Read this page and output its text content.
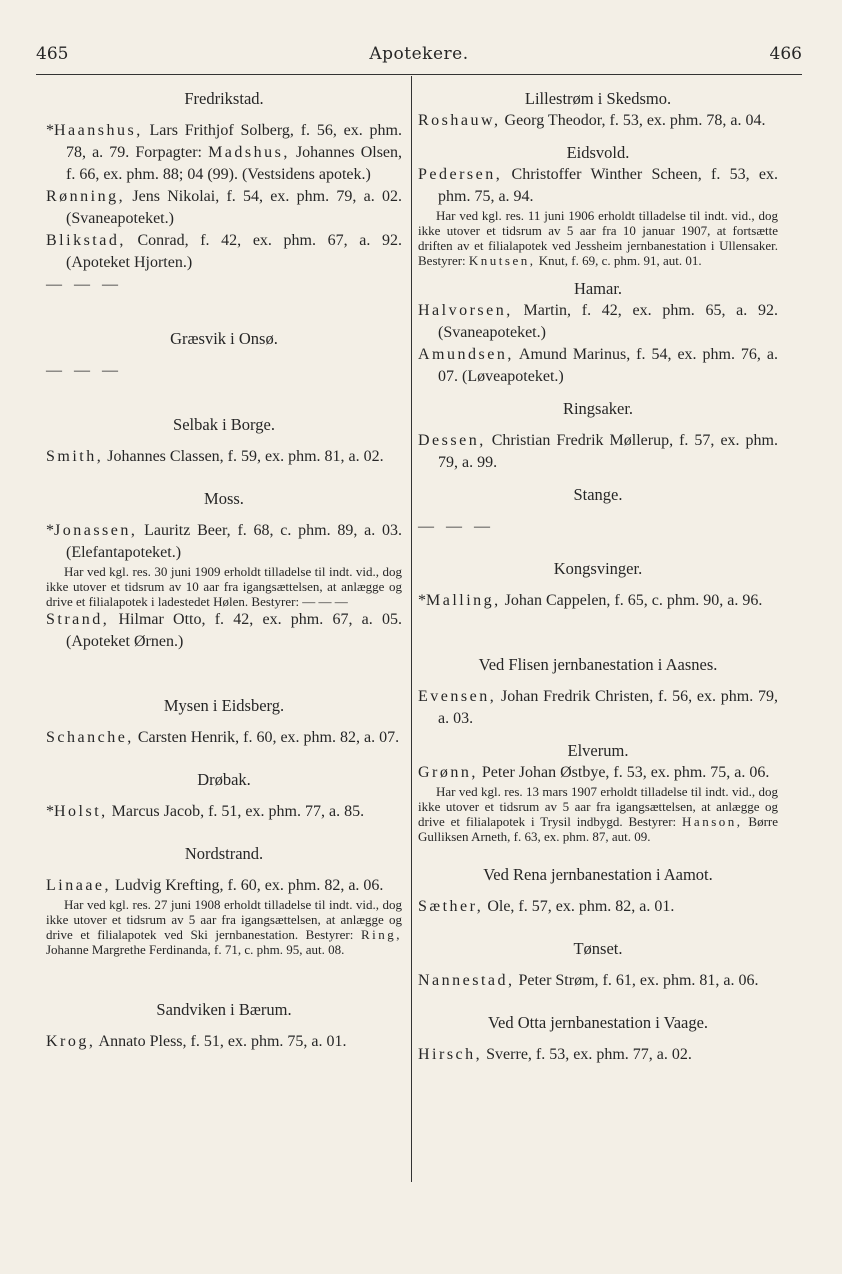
465	Apotekere.	466
Fredrikstad.
*Haanshus, Lars Frithjof Solberg, f. 56, ex. phm. 78, a. 79. Forpagter: Madshus, Johannes Olsen, f. 66, ex. phm. 88; 04 (99). (Vestsidens apotek.)
Rønning, Jens Nikolai, f. 54, ex. phm. 79, a. 02. (Svaneapoteket.)
Blikstad, Conrad, f. 42, ex. phm. 67, a. 92. (Apoteket Hjorten.)

— — —

Græsvik i Onsø.

— — —

Selbak i Borge.
Smith, Johannes Classen, f. 59, ex. phm. 81, a. 02.
Moss.
*Jonassen, Lauritz Beer, f. 68, c. phm. 89, a. 03. (Elefantapoteket.)

Har ved kgl. res. 30 juni 1909 erholdt tilladelse til indt. vid., dog ikke utover et tidsrum av 10 aar fra igangsættelsen, at anlægge og drive et filialapotek i ladestedet Hølen. Bestyrer: — — —

Strand, Hilmar Otto, f. 42, ex. phm. 67, a. 05. (Apoteket Ørnen.)
Mysen i Eidsberg.
Schanche, Carsten Henrik, f. 60, ex. phm. 82, a. 07.
Drøbak.
*Holst, Marcus Jacob, f. 51, ex. phm. 77, a. 85.
Nordstrand.
Linaae, Ludvig Krefting, f. 60, ex. phm. 82, a. 06.

Har ved kgl. res. 27 juni 1908 erholdt tilladelse til indt. vid., dog ikke utover et tidsrum av 5 aar fra igangsættelsen, at anlægge og drive et filialapotek ved Ski jernbanestation. Bestyrer: Ring, Johanne Margrethe Ferdinanda, f. 71, c. phm. 95, aut. 08.

Sandviken i Bærum.
Krog, Annato Pless, f. 51, ex. phm. 75, a. 01.
Lillestrøm i Skedsmo.
Roshauw, Georg Theodor, f. 53, ex. phm. 78, a. 04.
Eidsvold.
Pedersen, Christoffer Winther Scheen, f. 53, ex. phm. 75, a. 94.

Har ved kgl. res. 11 juni 1906 erholdt tilladelse til indt. vid., dog ikke utover et tidsrum av 5 aar fra 10 januar 1907, at fortsætte driften av et filialapotek ved Jessheim jernbanestation i Ullensaker. Bestyrer: Knutsen, Knut, f. 69, c. phm. 91, aut. 01.

Hamar.
Halvorsen, Martin, f. 42, ex. phm. 65, a. 92. (Svaneapoteket.)
Amundsen, Amund Marinus, f. 54, ex. phm. 76, a. 07. (Løveapoteket.)
Ringsaker.
Dessen, Christian Fredrik Møllerup, f. 57, ex. phm. 79, a. 99.
Stange.

— — —

Kongsvinger.
*Malling, Johan Cappelen, f. 65, c. phm. 90, a. 96.
Ved Flisen jernbanestation i Aasnes.
Evensen, Johan Fredrik Christen, f. 56, ex. phm. 79, a. 03.
Elverum.
Grønn, Peter Johan Østbye, f. 53, ex. phm. 75, a. 06.

Har ved kgl. res. 13 mars 1907 erholdt tilladelse til indt. vid., dog ikke utover et tidsrum av 5 aar fra igangsættelsen, at anlægge og drive et filialapotek i Trysil indbygd. Bestyrer: Hanson, Børre Gulliksen Arneth, f. 63, ex. phm. 87, aut. 09.

Ved Rena jernbanestation i Aamot.
Sæther, Ole, f. 57, ex. phm. 82, a. 01.
Tønset.
Nannestad, Peter Strøm, f. 61, ex. phm. 81, a. 06.
Ved Otta jernbanestation i Vaage.
Hirsch, Sverre, f. 53, ex. phm. 77, a. 02.
